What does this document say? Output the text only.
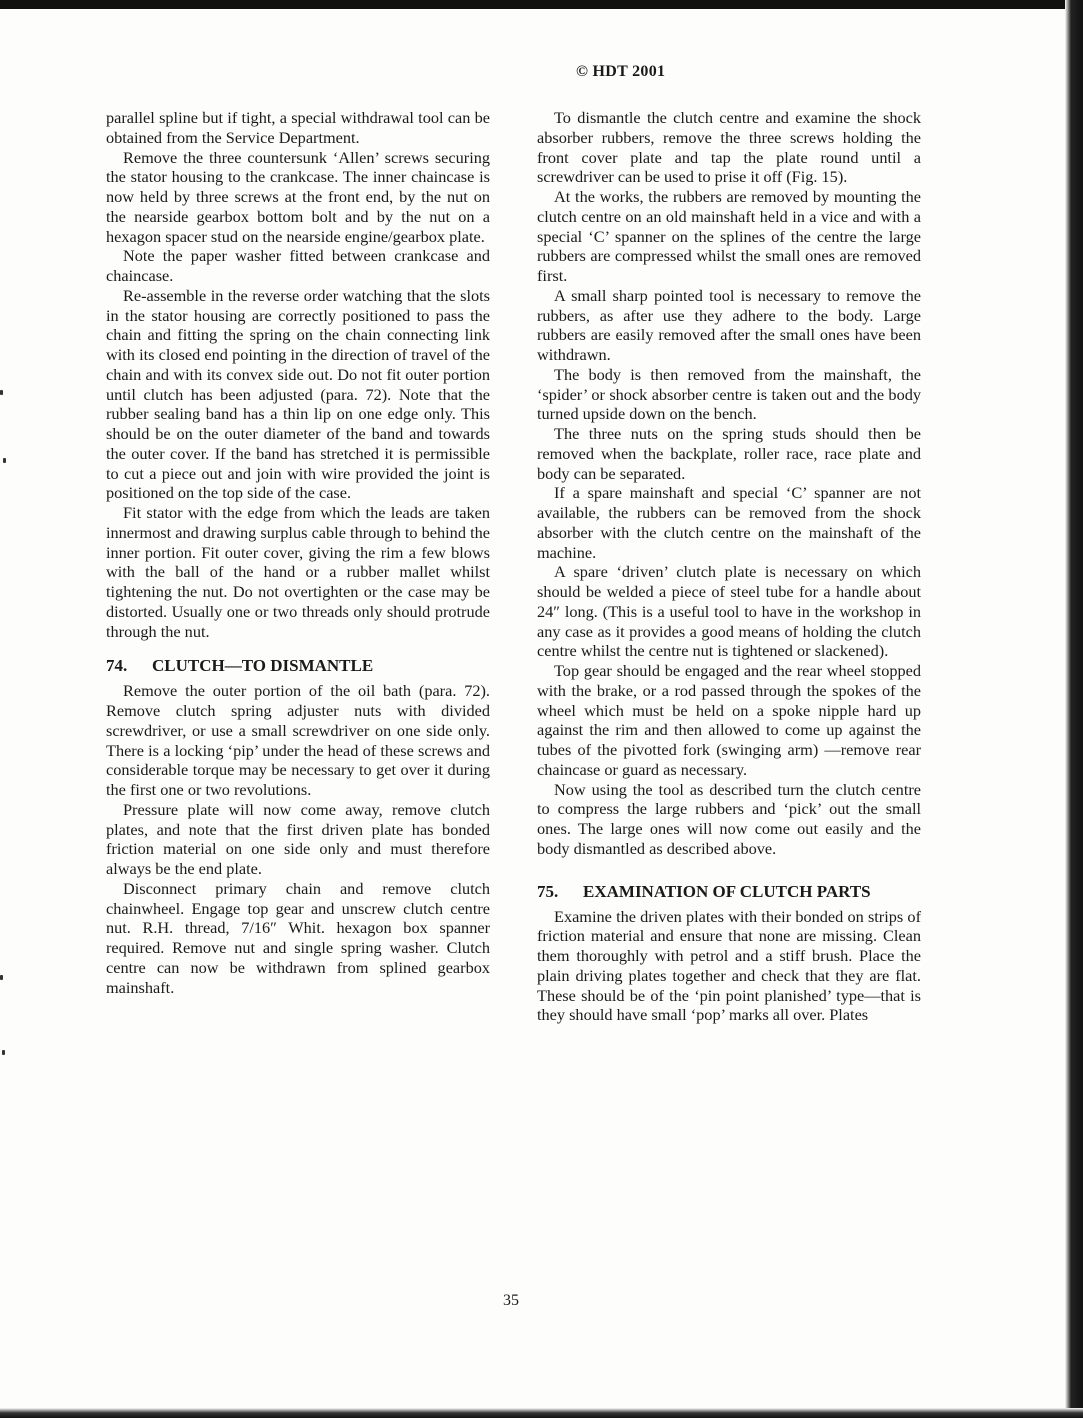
© HDT 2001

parallel spline but if tight, a special withdrawal tool can be obtained from the Service Department.

Remove the three countersunk ‘Allen’ screws securing the stator housing to the crankcase. The inner chaincase is now held by three screws at the front end, by the nut on the nearside gearbox bottom bolt and by the nut on a hexagon spacer stud on the nearside engine/gearbox plate.

Note the paper washer fitted between crankcase and chaincase.

Re-assemble in the reverse order watching that the slots in the stator housing are correctly positioned to pass the chain and fitting the spring on the chain connecting link with its closed end pointing in the direction of travel of the chain and with its convex side out. Do not fit outer portion until clutch has been adjusted (para. 72). Note that the rubber sealing band has a thin lip on one edge only. This should be on the outer diameter of the band and towards the outer cover. If the band has stretched it is permissible to cut a piece out and join with wire provided the joint is positioned on the top side of the case.

Fit stator with the edge from which the leads are taken innermost and drawing surplus cable through to behind the inner portion. Fit outer cover, giving the rim a few blows with the ball of the hand or a rubber mallet whilst tightening the nut. Do not overtighten or the case may be distorted. Usually one or two threads only should protrude through the nut.

74.	CLUTCH—TO DISMANTLE

Remove the outer portion of the oil bath (para. 72). Remove clutch spring adjuster nuts with divided screwdriver, or use a small screwdriver on one side only. There is a locking ‘pip’ under the head of these screws and considerable torque may be necessary to get over it during the first one or two revolutions.

Pressure plate will now come away, remove clutch plates, and note that the first driven plate has bonded friction material on one side only and must therefore always be the end plate.

Disconnect primary chain and remove clutch chainwheel. Engage top gear and unscrew clutch centre nut. R.H. thread, 7/16″ Whit. hexagon box spanner required. Remove nut and single spring washer. Clutch centre can now be withdrawn from splined gearbox mainshaft.

To dismantle the clutch centre and examine the shock absorber rubbers, remove the three screws holding the front cover plate and tap the plate round until a screwdriver can be used to prise it off (Fig. 15).

At the works, the rubbers are removed by mounting the clutch centre on an old mainshaft held in a vice and with a special ‘C’ spanner on the splines of the centre the large rubbers are compressed whilst the small ones are removed first.

A small sharp pointed tool is necessary to remove the rubbers, as after use they adhere to the body. Large rubbers are easily removed after the small ones have been withdrawn.

The body is then removed from the mainshaft, the ‘spider’ or shock absorber centre is taken out and the body turned upside down on the bench.

The three nuts on the spring studs should then be removed when the backplate, roller race, race plate and body can be separated.

If a spare mainshaft and special ‘C’ spanner are not available, the rubbers can be removed from the shock absorber with the clutch centre on the mainshaft of the machine.

A spare ‘driven’ clutch plate is necessary on which should be welded a piece of steel tube for a handle about 24″ long. (This is a useful tool to have in the workshop in any case as it provides a good means of holding the clutch centre whilst the centre nut is tightened or slackened).

Top gear should be engaged and the rear wheel stopped with the brake, or a rod passed through the spokes of the wheel which must be held on a spoke nipple hard up against the rim and then allowed to come up against the tubes of the pivotted fork (swinging arm) —remove rear chaincase or guard as necessary.

Now using the tool as described turn the clutch centre to compress the large rubbers and ‘pick’ out the small ones. The large ones will now come out easily and the body dismantled as described above.

75.	EXAMINATION OF CLUTCH PARTS

Examine the driven plates with their bonded on strips of friction material and ensure that none are missing. Clean them thoroughly with petrol and a stiff brush. Place the plain driving plates together and check that they are flat. These should be of the ‘pin point planished’ type—that is they should have small ‘pop’ marks all over. Plates

35
